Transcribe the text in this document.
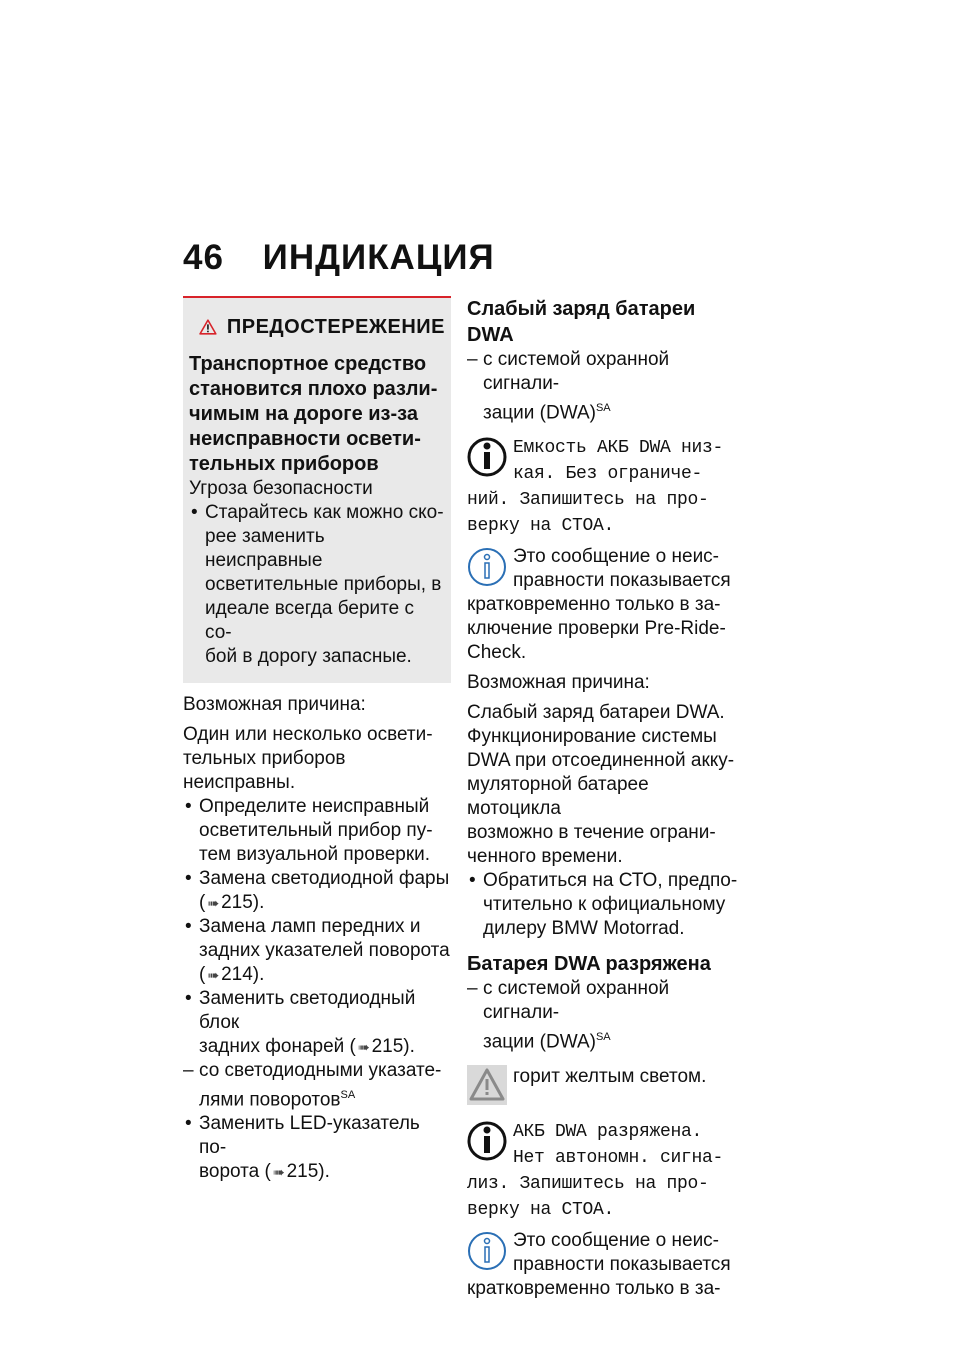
46 ИНДИКАЦИЯ
ПРЕДОСТЕРЕЖЕНИЕ
Транспортное средство
становится плохо разли-
чимым на дороге из-за
неисправности освети-
тельных приборов
Угроза безопасности
• Старайтесь как можно ско-
рее заменить неисправные
осветительные приборы, в
идеале всегда берите с со-
бой в дорогу запасные.
Возможная причина:
Один или несколько освети-
тельных приборов неисправны.
• Определите неисправный
осветительный прибор пу-
тем визуальной проверки.
• Замена светодиодной фары
( ➠ 215).
• Замена ламп передних и
задних указателей поворота
( ➠ 214).
• Заменить светодиодный блок
задних фонарей ( ➠ 215).
– со светодиодными указате-
лями поворотов$^{SA}$
• Заменить LED-указатель по-
ворота ( ➠ 215).
Слабый заряд батареи DWA
– с системой охранной сигнали-
зации (DWA)$^{SA}$
Емкость АКБ DWA низ-
кая. Без ограниче-
ний. Запишитесь на про-
верку на СТОА.
Это сообщение о неис-
правности показывается
кратковременно только в за-
ключение проверки Pre-Ride-
Check.
Возможная причина:
Слабый заряд батареи DWA.
Функционирование системы
DWA при отсоединенной акку-
муляторной батарее мотоцикла
возможно в течение ограни-
ченного времени.
• Обратиться на СТО, предпо-
чтительно к официальному
дилеру BMW Motorrad.
Батарея DWA разряжена
– с системой охранной сигнали-
зации (DWA)$^{SA}$
горит желтым светом.
АКБ DWA разряжена.
Нет автономн. сигна-
лиз. Запишитесь на про-
верку на СТОА.
Это сообщение о неис-
правности показывается
кратковременно только в за-
